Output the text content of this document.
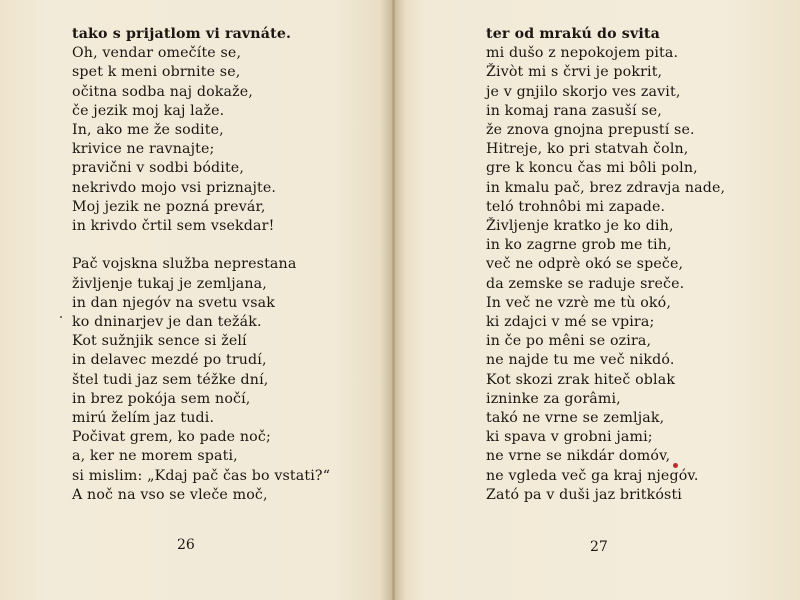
tako s prijatlom vi ravnáte.
Oh, vendar omečíte se,
spet k meni obrnite se,
očitna sodba naj dokaže,
če jezik moj kaj laže.
In, ako me že sodite,
krivice ne ravnajte;
pravični v sodbi bódite,
nekrivdo mojo vsi priznajte.
Moj jezik ne pozná prevár,
in krivdo črtil sem vsekdar!
Pač vojskna služba neprestana
življenje tukaj je zemljana,
in dan njegóv na svetu vsak
ko dninarjev je dan težák.
Kot sužnjik sence si želí
in delavec mezdé po trudí,
štel tudi jaz sem téžke dní,
in brez pokója sem nočí,
mirú želím jaz tudi.
Počivat grem, ko pade noč;
a, ker ne morem spati,
si mislim: „Kdaj pač čas bo vstati?“
A noč na vso se vleče moč,
26
ter od mrakú do svita
mi dušo z nepokojem pita.
Živòt mi s črvi je pokrit,
je v gnjilo skorjo ves zavit,
in komaj rana zasuší se,
že znova gnojna prepustí se.
Hitreje, ko pri statvah čoln,
gre k koncu čas mi bôli poln,
in kmalu pač, brez zdravja nade,
teló trohnôbi mi zapade.
Življenje kratko je ko dih,
in ko zagrne grob me tih,
več ne odprè okó se speče,
da zemske se raduje sreče.
In več ne vzrè me tù okó,
ki zdajci v mé se vpira;
in če po mêni se ozira,
ne najde tu me več nikdó.
Kot skozi zrak hiteč oblak
izninke za gorâmi,
takó ne vrne se zemljak,
ki spava v grobni jami;
ne vrne se nikdár domóv,
ne vgleda več ga kraj njegóv.
Zató pa v duši jaz britkósti
27
